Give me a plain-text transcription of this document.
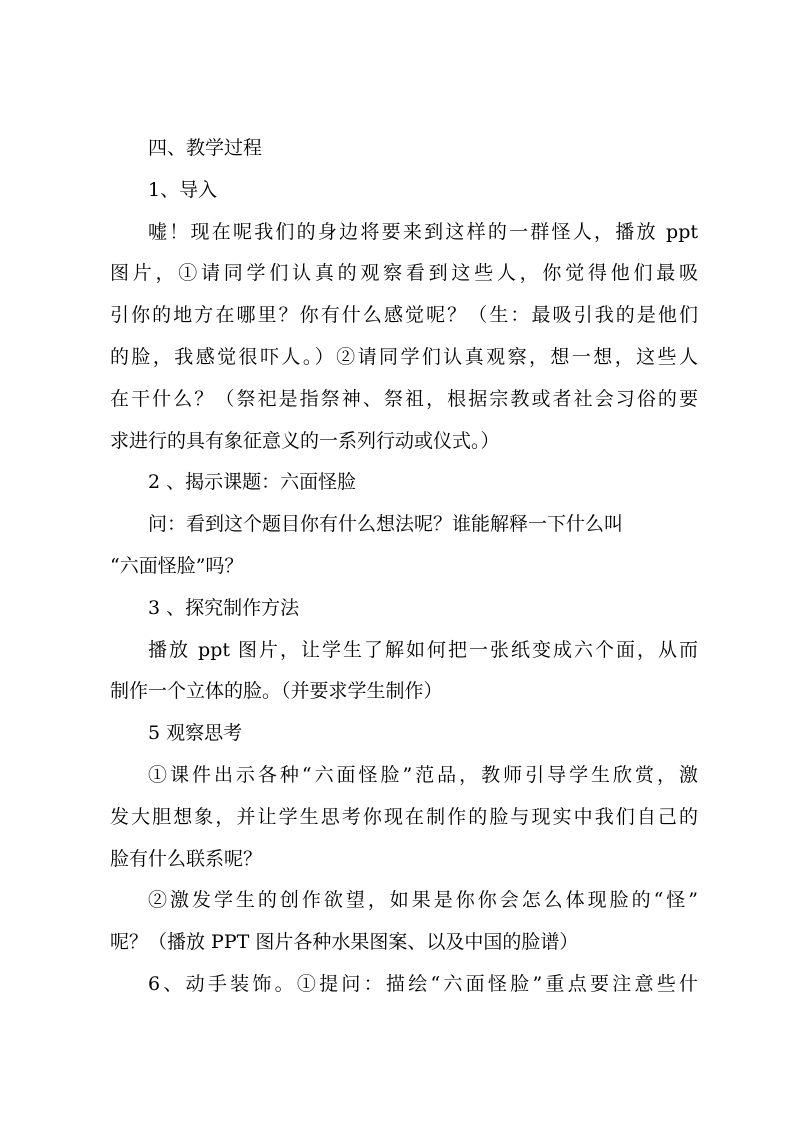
四、教学过程
1、导入
嘘！现在呢我们的身边将要来到这样的一群怪人，播放 ppt
图片，①请同学们认真的观察看到这些人，你觉得他们最吸
引你的地方在哪里？你有什么感觉呢？（生：最吸引我的是他们
的脸，我感觉很吓人。）②请同学们认真观察，想一想，这些人
在干什么？（祭祀是指祭神、祭祖，根据宗教或者社会习俗的要
求进行的具有象征意义的一系列行动或仪式。）
2 、揭示课题：六面怪脸
问：看到这个题目你有什么想法呢？谁能解释一下什么叫
“六面怪脸”吗？
3 、探究制作方法
播放 ppt 图片，让学生了解如何把一张纸变成六个面，从而
制作一个立体的脸。（并要求学生制作）
5 观察思考
①课件出示各种“六面怪脸”范品，教师引导学生欣赏，激
发大胆想象，并让学生思考你现在制作的脸与现实中我们自己的
脸有什么联系呢？
②激发学生的创作欲望，如果是你你会怎么体现脸的“怪”
呢？（播放 PPT 图片各种水果图案、以及中国的脸谱）
6、动手装饰。①提问：描绘“六面怪脸”重点要注意些什
